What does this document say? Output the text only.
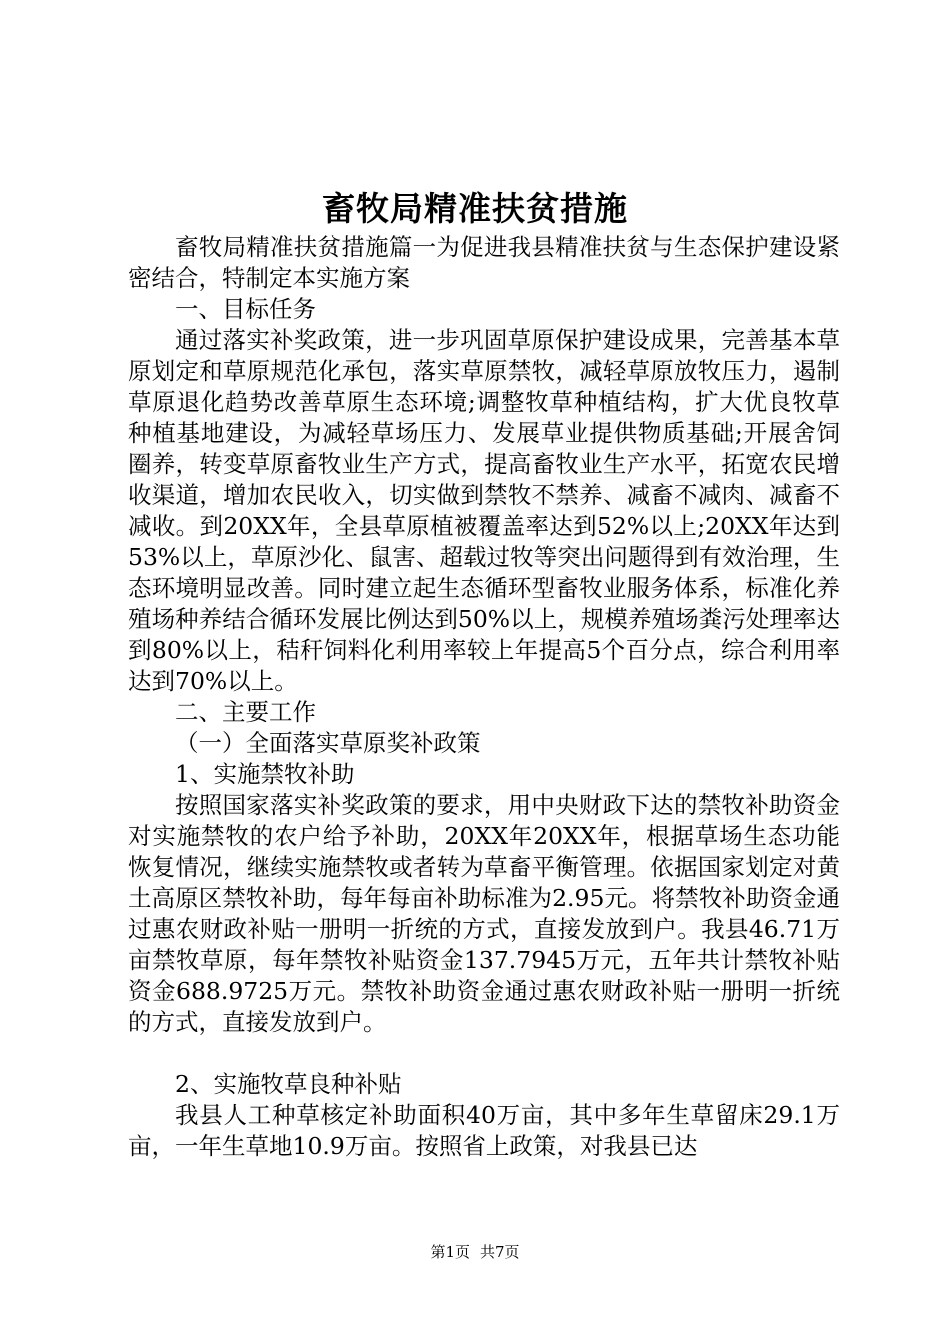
畜牧局精准扶贫措施

畜牧局精准扶贫措施篇一为促进我县精准扶贫与生态保护建设紧密结合，特制定本实施方案

一、目标任务

通过落实补奖政策，进一步巩固草原保护建设成果，完善基本草原划定和草原规范化承包，落实草原禁牧，减轻草原放牧压力，遏制草原退化趋势改善草原生态环境;调整牧草种植结构，扩大优良牧草种植基地建设，为减轻草场压力、发展草业提供物质基础;开展舍饲圈养，转变草原畜牧业生产方式，提高畜牧业生产水平，拓宽农民增收渠道，增加农民收入，切实做到禁牧不禁养、减畜不减肉、减畜不减收。到20XX年，全县草原植被覆盖率达到52%以上;20XX年达到53%以上，草原沙化、鼠害、超载过牧等突出问题得到有效治理，生态环境明显改善。同时建立起生态循环型畜牧业服务体系，标准化养殖场种养结合循环发展比例达到50%以上，规模养殖场粪污处理率达到80%以上，秸秆饲料化利用率较上年提高5个百分点，综合利用率达到70%以上。

二、主要工作

（一）全面落实草原奖补政策

1、实施禁牧补助

按照国家落实补奖政策的要求，用中央财政下达的禁牧补助资金对实施禁牧的农户给予补助，20XX年20XX年，根据草场生态功能恢复情况，继续实施禁牧或者转为草畜平衡管理。依据国家划定对黄土高原区禁牧补助，每年每亩补助标准为2.95元。将禁牧补助资金通过惠农财政补贴一册明一折统的方式，直接发放到户。我县46.71万亩禁牧草原，每年禁牧补贴资金137.7945万元，五年共计禁牧补贴资金688.9725万元。禁牧补助资金通过惠农财政补贴一册明一折统的方式，直接发放到户。

2、实施牧草良种补贴

我县人工种草核定补助面积40万亩，其中多年生草留床29.1万亩，一年生草地10.9万亩。按照省上政策，对我县已达

第1页 共7页
